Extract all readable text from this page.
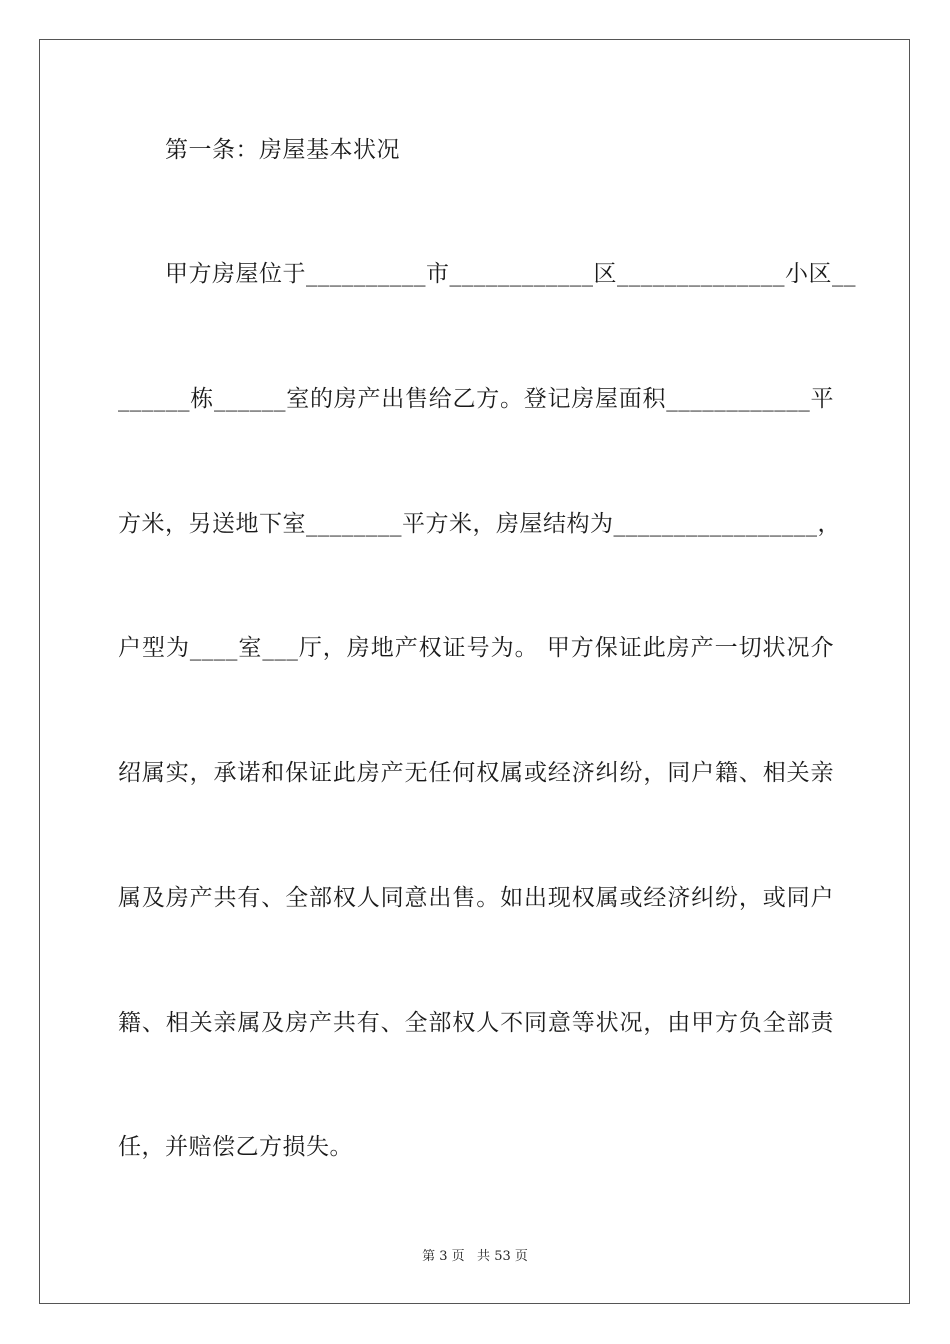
第一条：房屋基本状况
甲方房屋位于__________市____________区______________小区__
______栋______室的房产出售给乙方。登记房屋面积____________平
方米，另送地下室________平方米，房屋结构为_________________，
户型为____室___厅，房地产权证号为。 甲方保证此房产一切状况介
绍属实，承诺和保证此房产无任何权属或经济纠纷，同户籍、相关亲
属及房产共有、全部权人同意出售。如出现权属或经济纠纷，或同户
籍、相关亲属及房产共有、全部权人不同意等状况，由甲方负全部责
任，并赔偿乙方损失。
第 3 页   共 53 页
